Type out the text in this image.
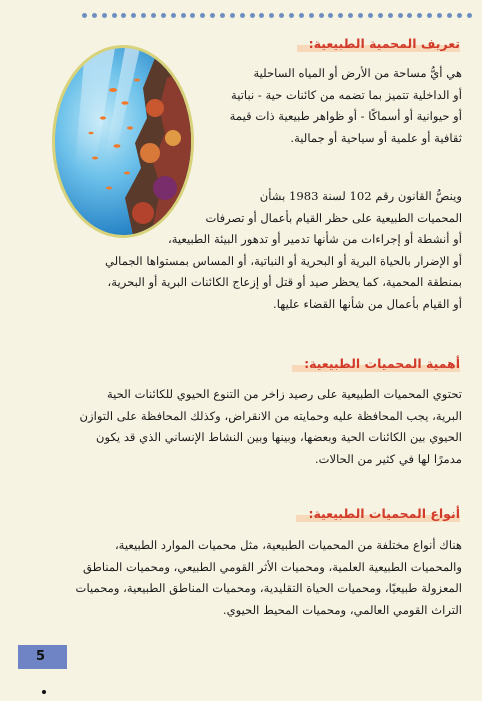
تعريف المحمية الطبيعية:

هي أيُّ مساحة من الأرض أو المياه الساحلية

أو الداخلية تتميز بما تضمه من كائنات حية - نباتية

أو حيوانية أو أسماكًا - أو ظواهر طبيعية ذات قيمة

ثقافية أو علمية أو سياحية أو جمالية.

وينصُّ القانون رقم 102 لسنة 1983 بشأن

المحميات الطبيعية على حظر القيام بأعمال أو تصرفات

أو أنشطة أو إجراءات من شأنها تدمير أو تدهور البيئة الطبيعية،

أو الإضرار بالحياة البرية أو البحرية أو النباتية، أو المساس بمستواها الجمالي

بمنطقة المحمية، كما يحظر صيد أو قتل أو إزعاج الكائنات البرية أو البحرية،

أو القيام بأعمال من شأنها القضاء عليها.

أهمية المحميات الطبيعية:

تحتوي المحميات الطبيعية على رصيد زاخر من التنوع الحيوي للكائنات الحية

البرية، يجب المحافظة عليه وحمايته من الانقراض، وكذلك المحافظة على التوازن

الحيوي بين الكائنات الحية وبعضها، وبينها وبين النشاط الإنساني الذي قد يكون

مدمرًا لها في كثير من الحالات.

أنواع المحميات الطبيعية:

هناك أنواع مختلفة من المحميات الطبيعية، مثل محميات الموارد الطبيعية،

والمحميات الطبيعية العلمية، ومحميات الأثر القومي الطبيعي، ومحميات المناطق

المعزولة طبيعيًا، ومحميات الحياة التقليدية، ومحميات المناطق الطبيعية، ومحميات

التراث القومي العالمي، ومحميات المحيط الحيوي.

5
